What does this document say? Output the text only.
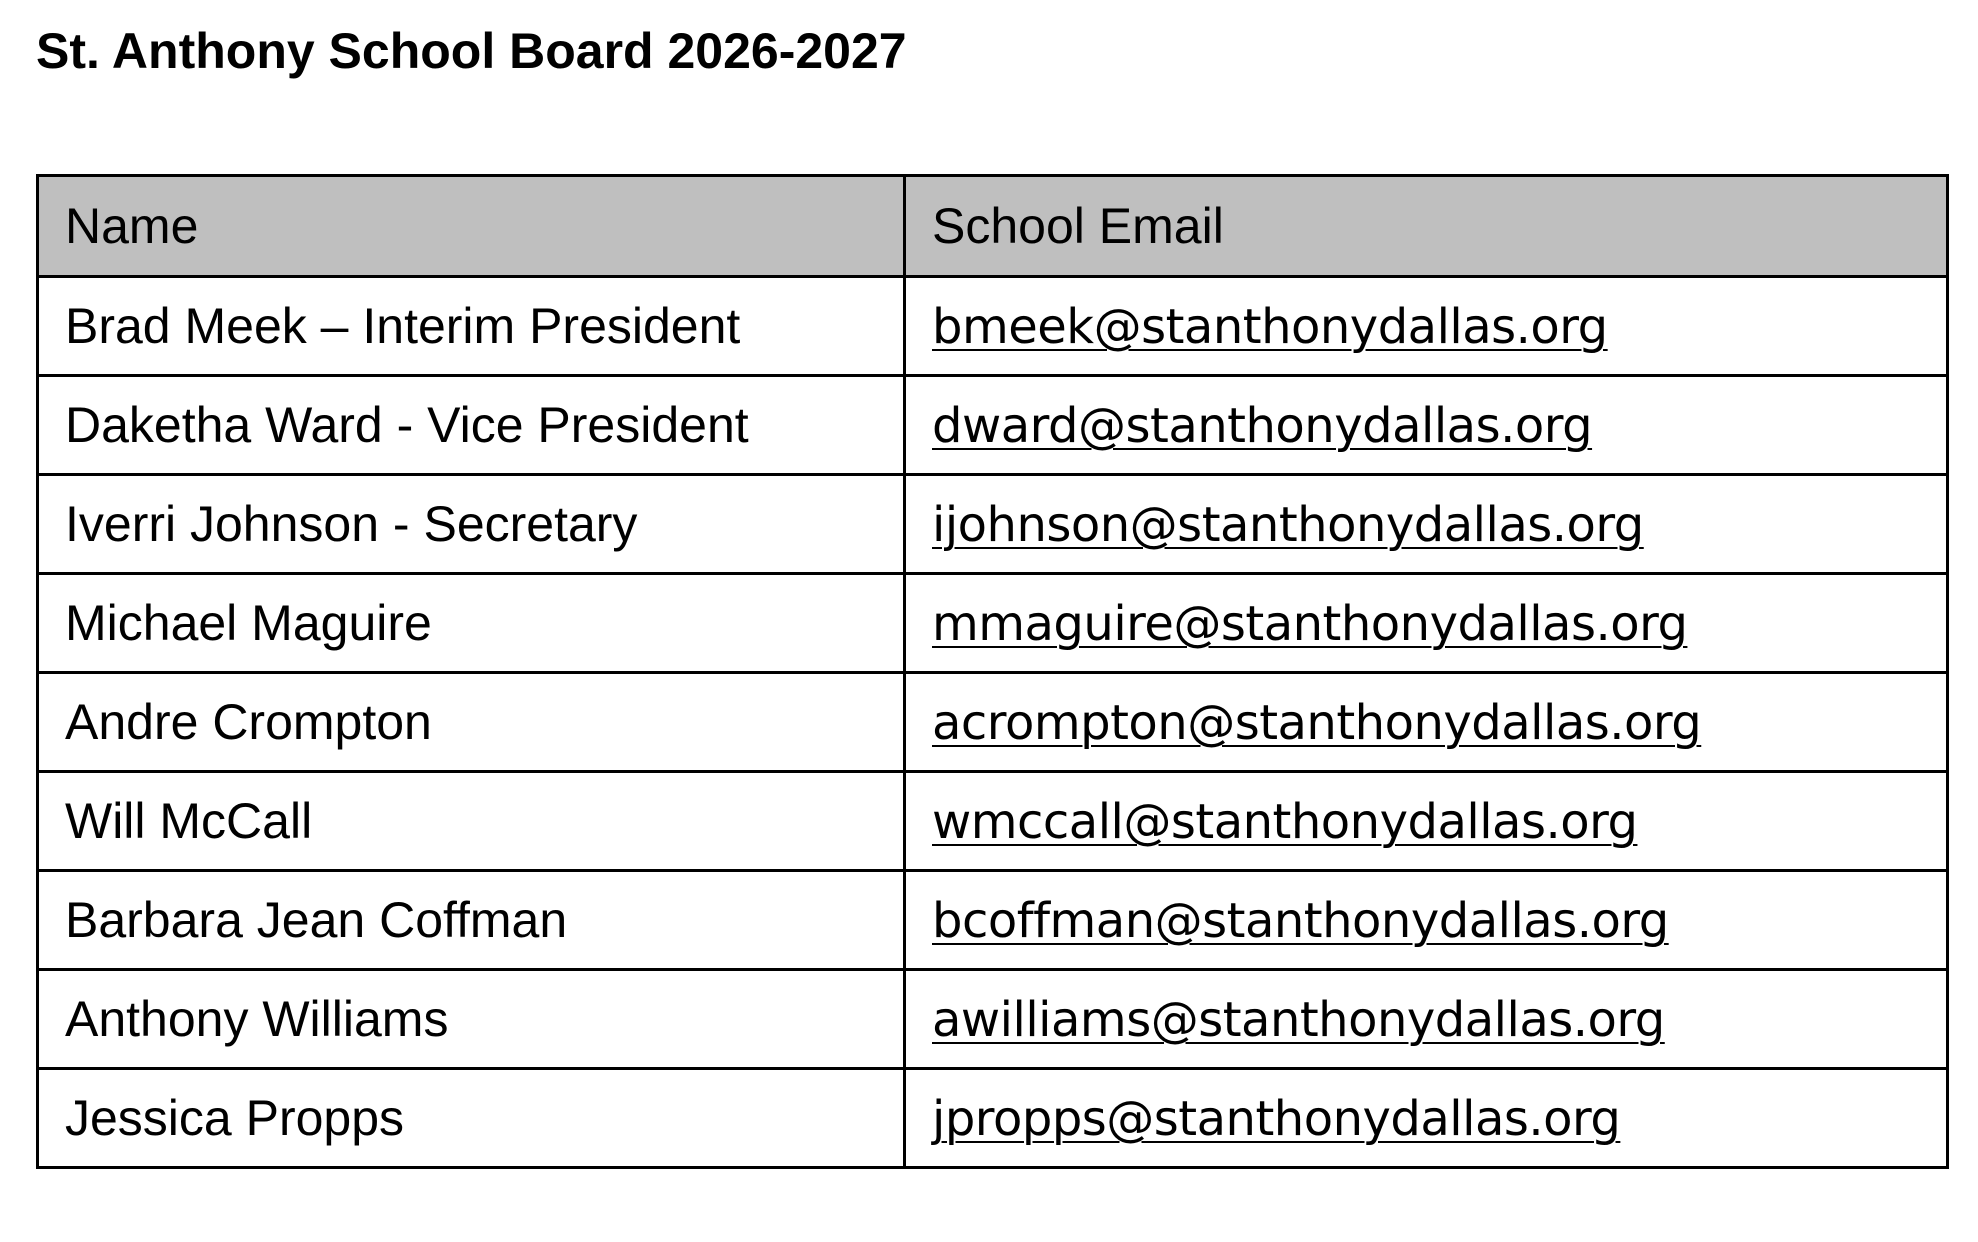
St. Anthony School Board 2026-2027
Name	School Email
Brad Meek – Interim President	bmeek@stanthonydallas.org
Daketha Ward - Vice President	dward@stanthonydallas.org
Iverri Johnson - Secretary	ijohnson@stanthonydallas.org
Michael Maguire	mmaguire@stanthonydallas.org
Andre Crompton	acrompton@stanthonydallas.org
Will McCall	wmccall@stanthonydallas.org
Barbara Jean Coffman	bcoffman@stanthonydallas.org
Anthony Williams	awilliams@stanthonydallas.org
Jessica Propps	jpropps@stanthonydallas.org
